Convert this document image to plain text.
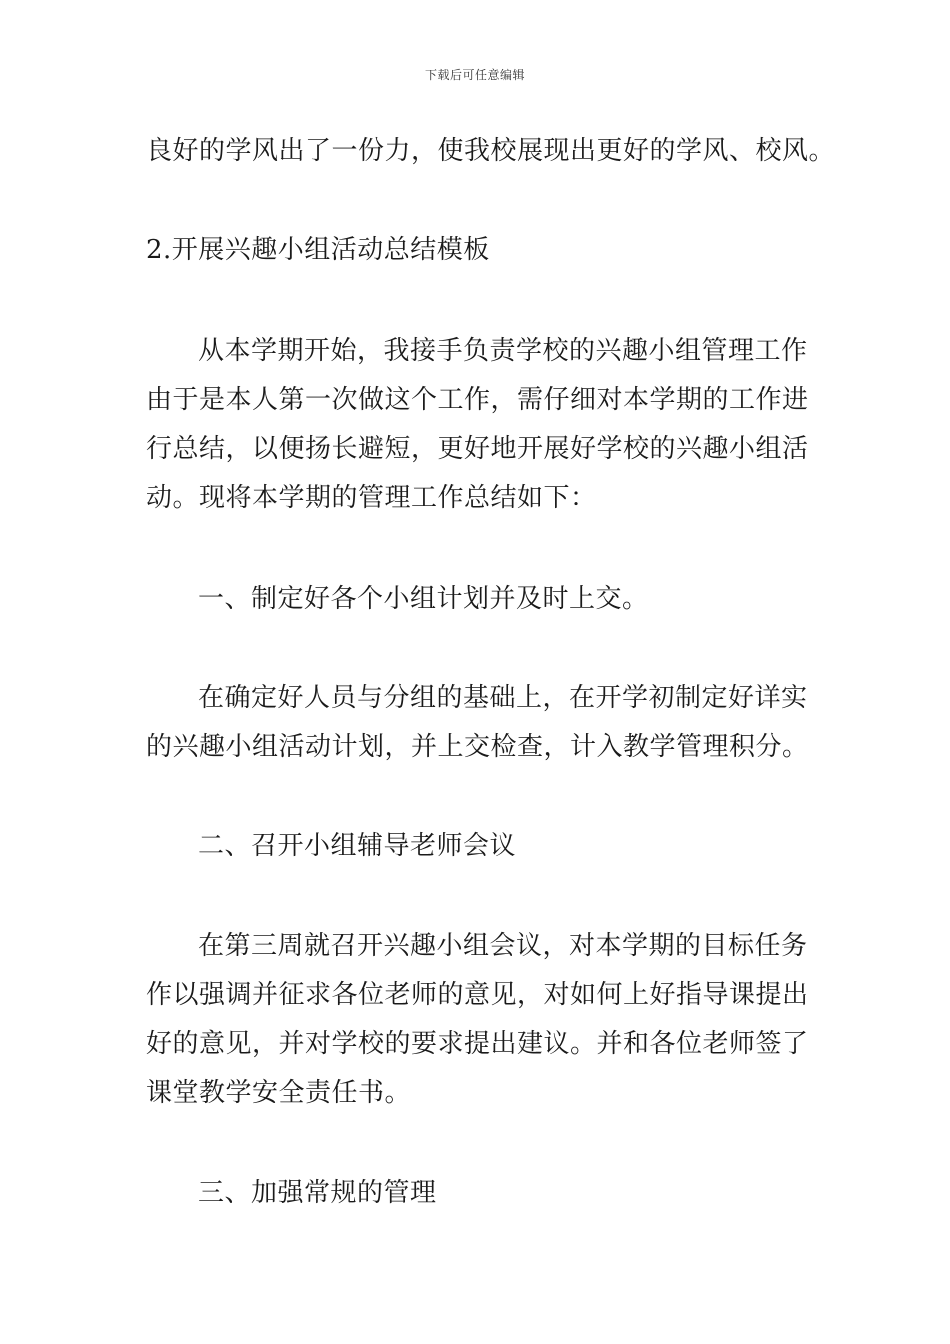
下载后可任意编辑
良好的学风出了一份力，使我校展现出更好的学风、校风。
2.开展兴趣小组活动总结模板
从本学期开始，我接手负责学校的兴趣小组管理工作
由于是本人第一次做这个工作，需仔细对本学期的工作进
行总结，以便扬长避短，更好地开展好学校的兴趣小组活
动。现将本学期的管理工作总结如下：
一、制定好各个小组计划并及时上交。
在确定好人员与分组的基础上，在开学初制定好详实
的兴趣小组活动计划，并上交检查，计入教学管理积分。
二、召开小组辅导老师会议
在第三周就召开兴趣小组会议，对本学期的目标任务
作以强调并征求各位老师的意见，对如何上好指导课提出
好的意见，并对学校的要求提出建议。并和各位老师签了
课堂教学安全责任书。
三、加强常规的管理
